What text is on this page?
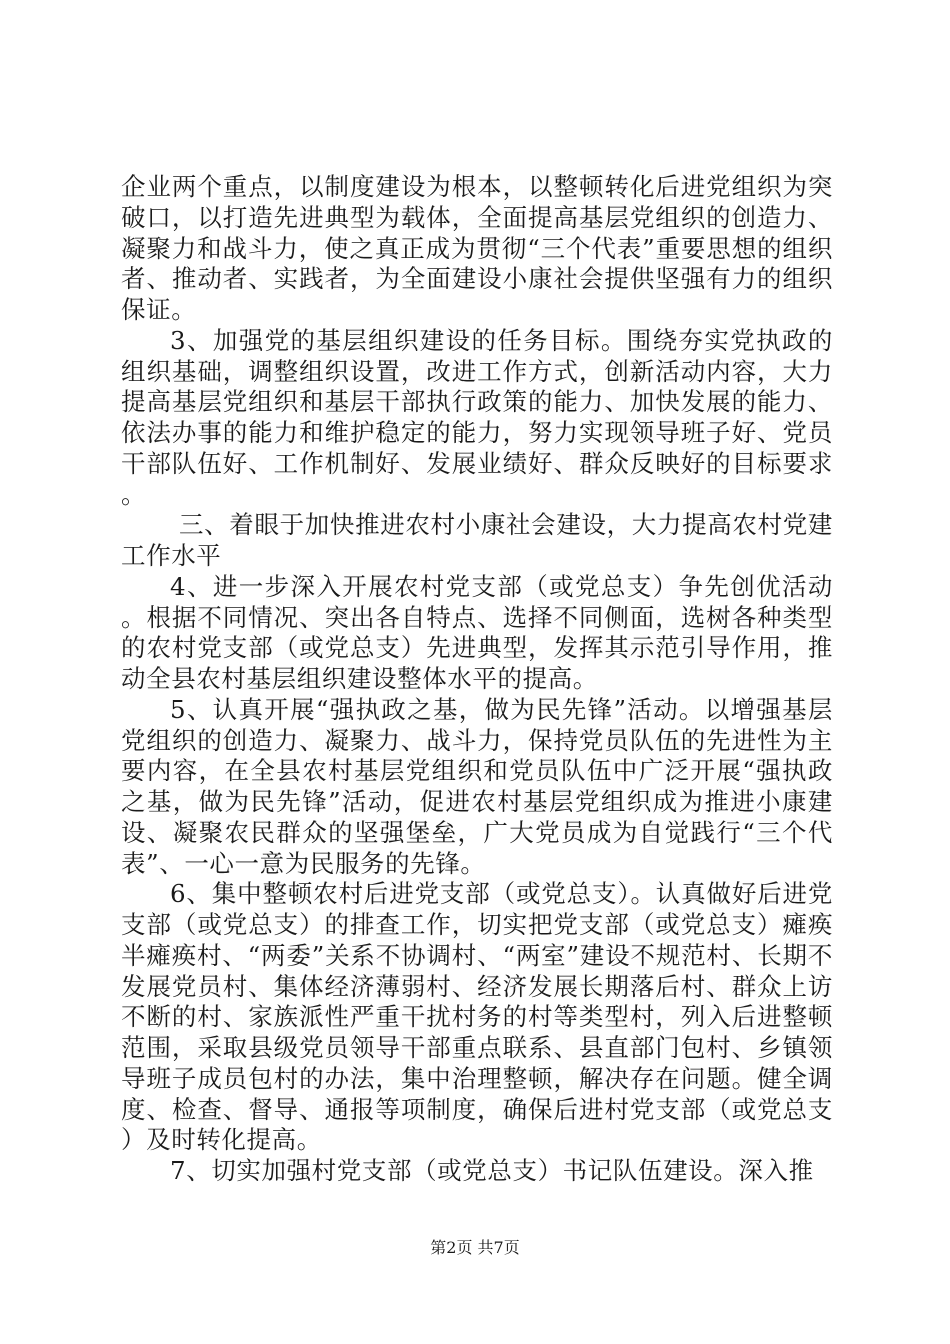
企业两个重点，以制度建设为根本，以整顿转化后进党组织为突破口，以打造先进典型为载体，全面提高基层党组织的创造力、凝聚力和战斗力，使之真正成为贯彻“三个代表”重要思想的组织者、推动者、实践者，为全面建设小康社会提供坚强有力的组织保证。

3、加强党的基层组织建设的任务目标。围绕夯实党执政的组织基础，调整组织设置，改进工作方式，创新活动内容，大力提高基层党组织和基层干部执行政策的能力、加快发展的能力、依法办事的能力和维护稳定的能力，努力实现领导班子好、党员干部队伍好、工作机制好、发展业绩好、群众反映好的目标要求。

三、着眼于加快推进农村小康社会建设，大力提高农村党建工作水平

4、进一步深入开展农村党支部（或党总支）争先创优活动。根据不同情况、突出各自特点、选择不同侧面，选树各种类型的农村党支部（或党总支）先进典型，发挥其示范引导作用，推动全县农村基层组织建设整体水平的提高。

5、认真开展“强执政之基，做为民先锋”活动。以增强基层党组织的创造力、凝聚力、战斗力，保持党员队伍的先进性为主要内容，在全县农村基层党组织和党员队伍中广泛开展“强执政之基，做为民先锋”活动，促进农村基层党组织成为推进小康建设、凝聚农民群众的坚强堡垒，广大党员成为自觉践行“三个代表”、一心一意为民服务的先锋。

6、集中整顿农村后进党支部（或党总支）。认真做好后进党支部（或党总支）的排查工作，切实把党支部（或党总支）瘫痪半瘫痪村、“两委”关系不协调村、“两室”建设不规范村、长期不发展党员村、集体经济薄弱村、经济发展长期落后村、群众上访不断的村、家族派性严重干扰村务的村等类型村，列入后进整顿范围，采取县级党员领导干部重点联系、县直部门包村、乡镇领导班子成员包村的办法，集中治理整顿，解决存在问题。健全调度、检查、督导、通报等项制度，确保后进村党支部（或党总支）及时转化提高。

7、切实加强村党支部（或党总支）书记队伍建设。深入推

第2页 共7页
